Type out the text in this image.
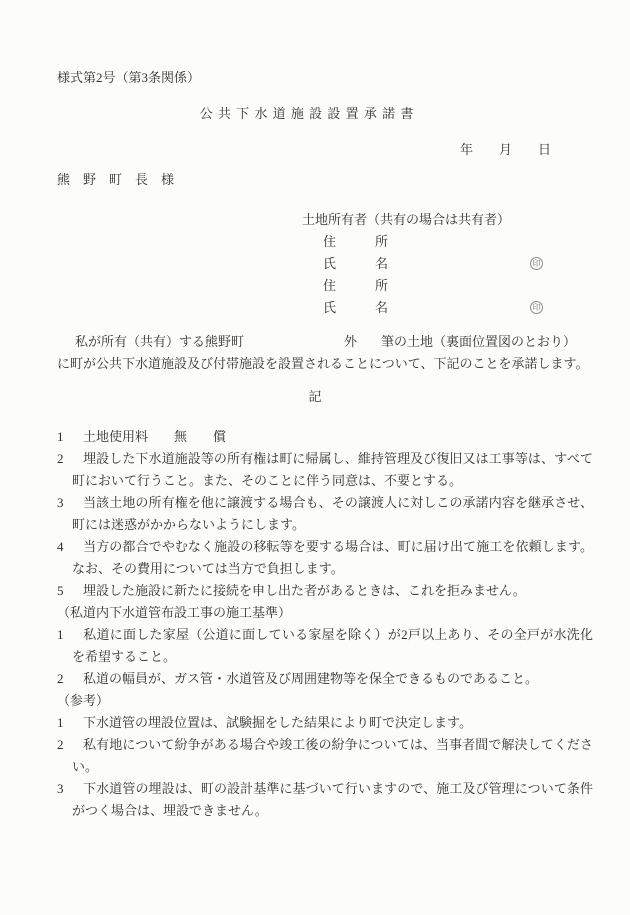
様式第2号（第3条関係）
公 共 下 水 道 施 設 設 置 承 諾 書
年　　月　　日
熊　野　町　長　様
土地所有者（共有の場合は共有者）
住　　　所
氏　　　名	印
住　　　所
氏　　　名	印
私が所有（共有）する熊野町	外 筆の土地（裏面位置図のとおり）
に町が公共下水道施設及び付帯施設を設置されることについて、下記のことを承諾します。
記
1 土地使用料　　無　　償
2 埋設した下水道施設等の所有権は町に帰属し、維持管理及び復旧又は工事等は、すべて町において行うこと。また、そのことに伴う同意は、不要とする。
3 当該土地の所有権を他に譲渡する場合も、その譲渡人に対しこの承諾内容を継承させ、町には迷惑がかからないようにします。
4 当方の都合でやむなく施設の移転等を要する場合は、町に届け出て施工を依頼します。なお、その費用については当方で負担します。
5 埋設した施設に新たに接続を申し出た者があるときは、これを拒みません。
（私道内下水道管布設工事の施工基準）
1 私道に面した家屋（公道に面している家屋を除く）が2戸以上あり、その全戸が水洗化を希望すること。
2 私道の幅員が、ガス管・水道管及び周囲建物等を保全できるものであること。
（参考）
1 下水道管の埋設位置は、試験掘をした結果により町で決定します。
2 私有地について紛争がある場合や竣工後の紛争については、当事者間で解決してください。
3 下水道管の埋設は、町の設計基準に基づいて行いますので、施工及び管理について条件がつく場合は、埋設できません。
